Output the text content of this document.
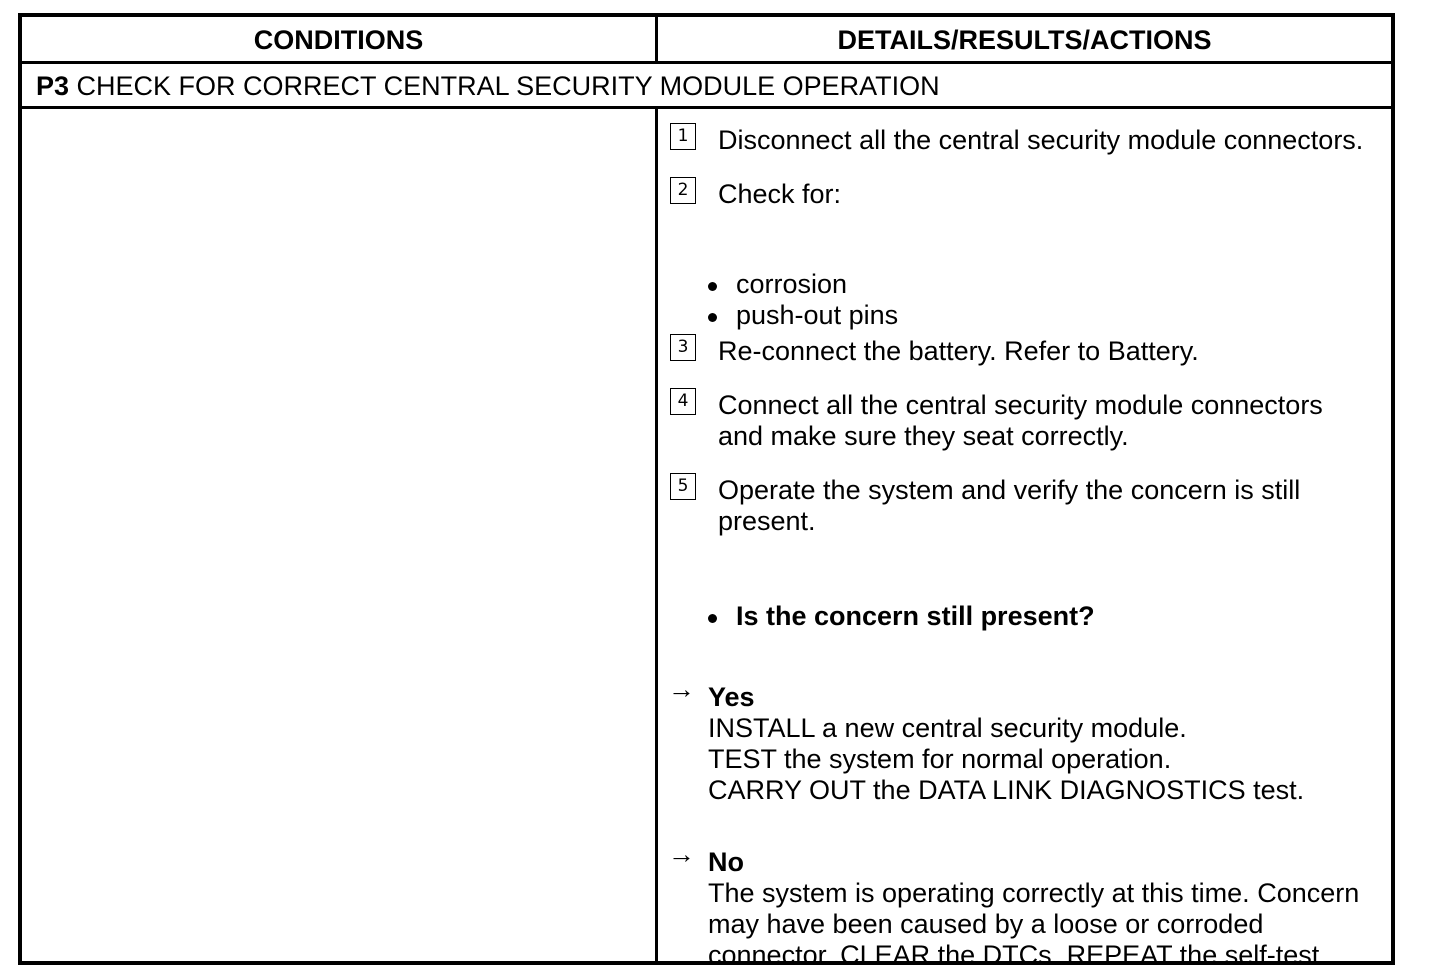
CONDITIONS	DETAILS/RESULTS/ACTIONS
P3 CHECK FOR CORRECT CENTRAL SECURITY MODULE OPERATION
1 Disconnect all the central security module connectors.
2 Check for:
corrosion
push-out pins
3 Re-connect the battery. Refer to Battery.
4 Connect all the central security module connectors
and make sure they seat correctly.
5 Operate the system and verify the concern is still
present.
Is the concern still present?
→ Yes
INSTALL a new central security module.
TEST the system for normal operation.
CARRY OUT the DATA LINK DIAGNOSTICS test.
→ No
The system is operating correctly at this time. Concern
may have been caused by a loose or corroded
connector. CLEAR the DTCs. REPEAT the self-test.
